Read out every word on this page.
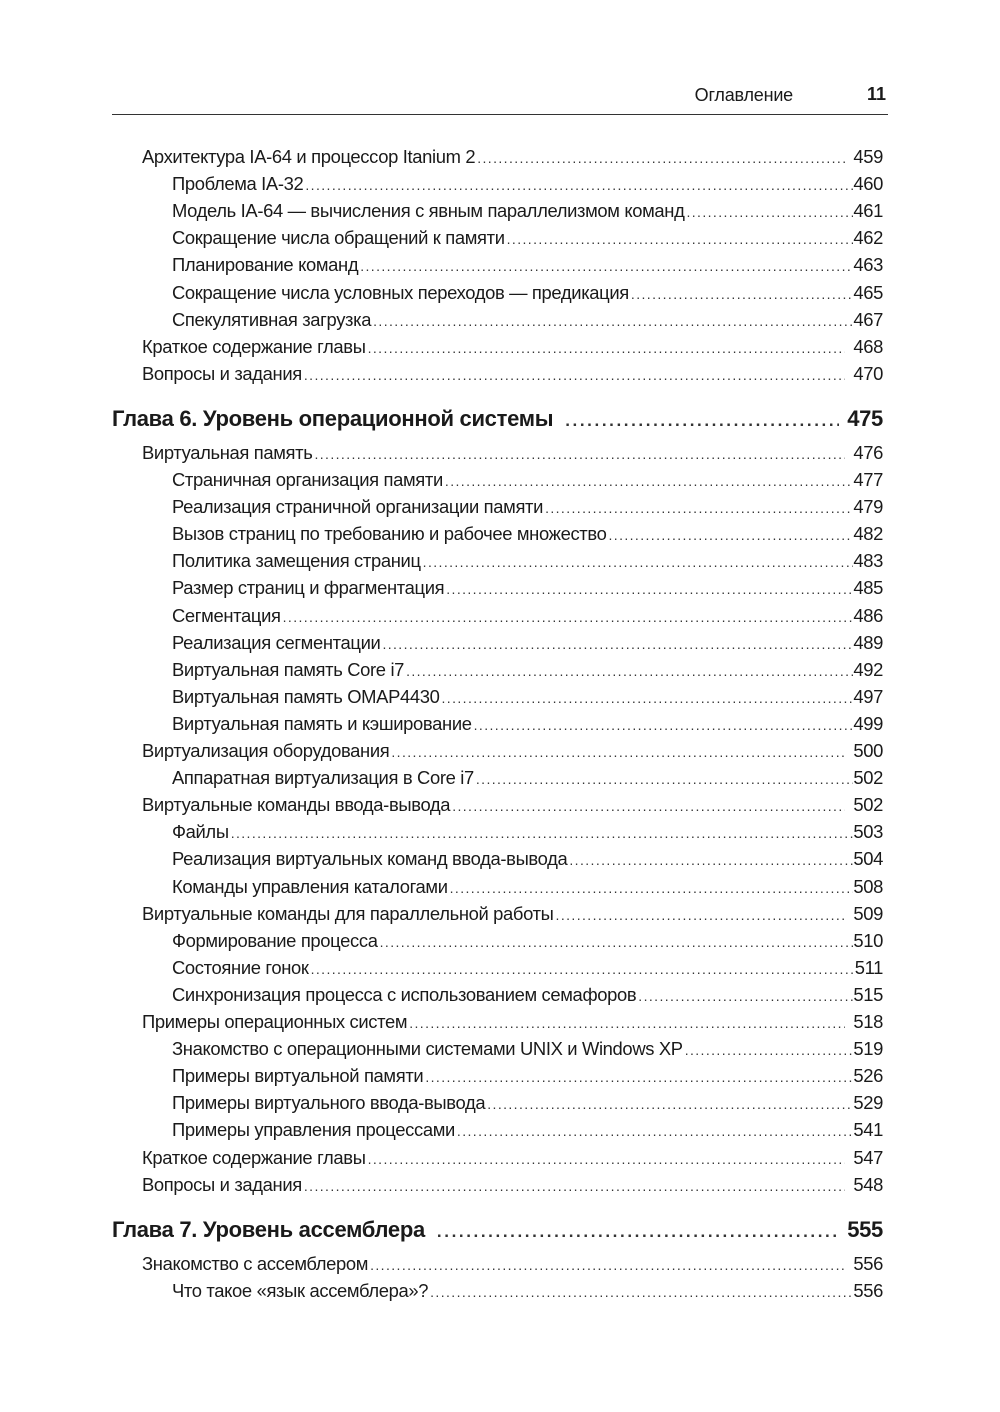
Оглавление	11
Архитектура IA-64 и процессор Itanium 2 .....	459
Проблема IA-32 .....	460
Модель IA-64 — вычисления с явным параллелизмом команд .....	461
Сокращение числа обращений к памяти .....	462
Планирование команд .....	463
Сокращение числа условных переходов — предикация .....	465
Спекулятивная загрузка .....	467
Краткое содержание главы .....	468
Вопросы и задания .....	470
Глава 6. Уровень операционной системы .....	475
Виртуальная память .....	476
Страничная организация памяти .....	477
Реализация страничной организации памяти .....	479
Вызов страниц по требованию и рабочее множество .....	482
Политика замещения страниц .....	483
Размер страниц и фрагментация .....	485
Сегментация .....	486
Реализация сегментации .....	489
Виртуальная память Core i7 .....	492
Виртуальная память OMAP4430 .....	497
Виртуальная память и кэширование .....	499
Виртуализация оборудования .....	500
Аппаратная виртуализация в Core i7 .....	502
Виртуальные команды ввода-вывода .....	502
Файлы .....	503
Реализация виртуальных команд ввода-вывода .....	504
Команды управления каталогами .....	508
Виртуальные команды для параллельной работы .....	509
Формирование процесса .....	510
Состояние гонок .....	511
Синхронизация процесса с использованием семафоров .....	515
Примеры операционных систем .....	518
Знакомство с операционными системами UNIX и Windows XP .....	519
Примеры виртуальной памяти .....	526
Примеры виртуального ввода-вывода .....	529
Примеры управления процессами .....	541
Краткое содержание главы .....	547
Вопросы и задания .....	548
Глава 7. Уровень ассемблера .....	555
Знакомство с ассемблером .....	556
Что такое «язык ассемблера»? .....	556
